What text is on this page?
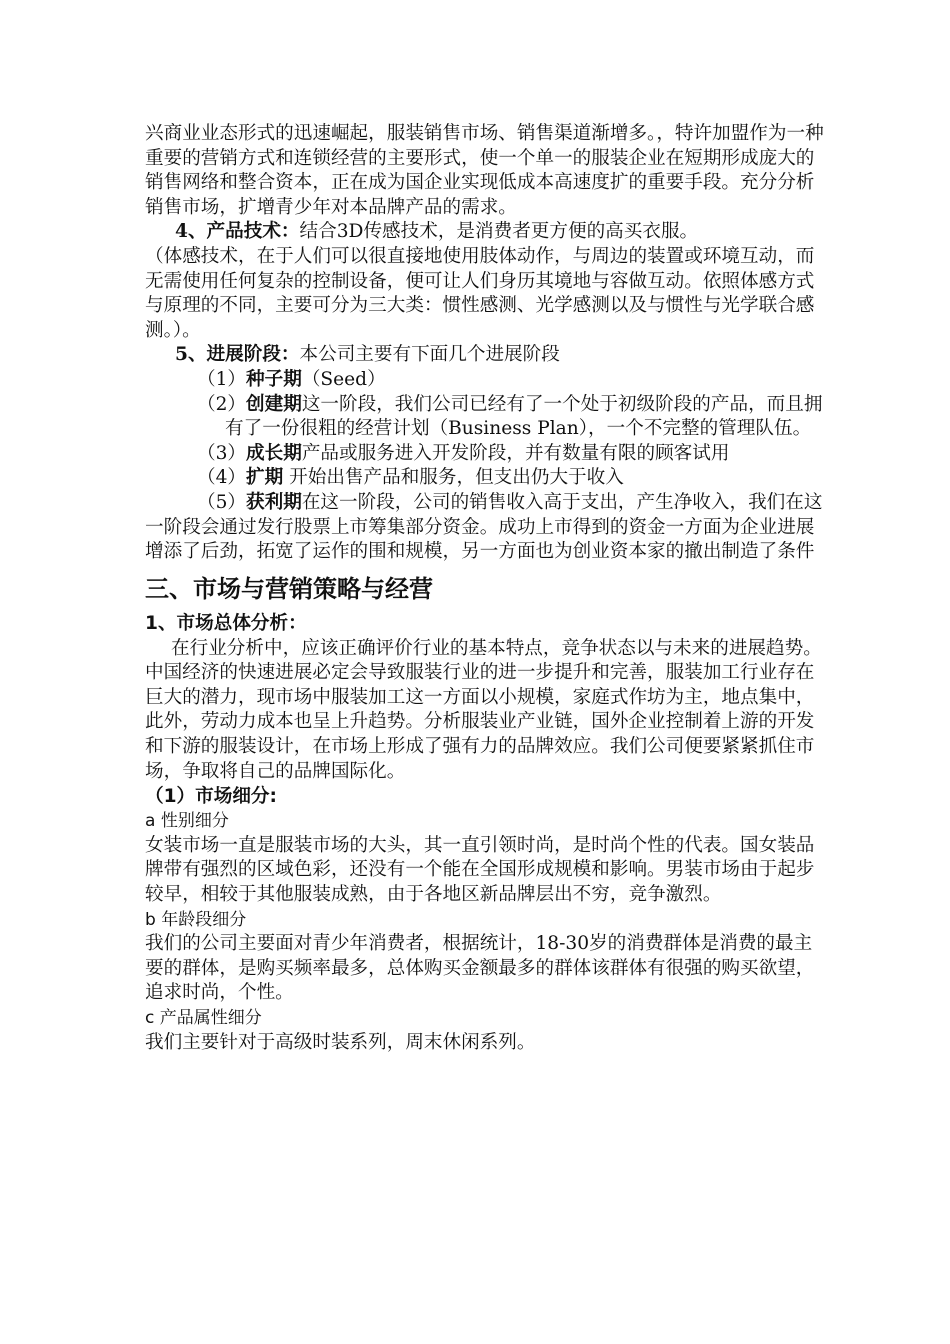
兴商业业态形式的迅速崛起，服装销售市场、销售渠道渐增多。，特许加盟作为一种重要的营销方式和连锁经营的主要形式，使一个单一的服装企业在短期形成庞大的销售网络和整合资本，正在成为国企业实现低成本高速度扩的重要手段。充分分析销售市场，扩增青少年对本品牌产品的需求。

4、产品技术：结合3D传感技术，是消费者更方便的高买衣服。

（体感技术，在于人们可以很直接地使用肢体动作，与周边的装置或环境互动，而无需使用任何复杂的控制设备，便可让人们身历其境地与容做互动。依照体感方式与原理的不同，主要可分为三大类：惯性感测、光学感测以及与惯性与光学联合感测。）。

5、进展阶段：本公司主要有下面几个进展阶段

（1）种子期（Seed）

（2）创建期这一阶段，我们公司已经有了一个处于初级阶段的产品，而且拥有了一份很粗的经营计划（Business Plan），一个不完整的管理队伍。

（3）成长期产品或服务进入开发阶段，并有数量有限的顾客试用

（4）扩期 开始出售产品和服务，但支出仍大于收入

（5）获利期在这一阶段，公司的销售收入高于支出，产生净收入，我们在这一阶段会通过发行股票上市筹集部分资金。成功上市得到的资金一方面为企业进展增添了后劲，拓宽了运作的围和规模，另一方面也为创业资本家的撤出制造了条件

三、市场与营销策略与经营
1、市场总体分析：

在行业分析中，应该正确评价行业的基本特点，竞争状态以与未来的进展趋势。中国经济的快速进展必定会导致服装行业的进一步提升和完善，服装加工行业存在巨大的潜力，现市场中服装加工这一方面以小规模，家庭式作坊为主，地点集中，此外，劳动力成本也呈上升趋势。分析服装业产业链，国外企业控制着上游的开发和下游的服装设计，在市场上形成了强有力的品牌效应。我们公司便要紧紧抓住市场，争取将自己的品牌国际化。

（1）市场细分:

a 性别细分

女装市场一直是服装市场的大头，其一直引领时尚，是时尚个性的代表。国女装品牌带有强烈的区域色彩，还没有一个能在全国形成规模和影响。男装市场由于起步较早，相较于其他服装成熟，由于各地区新品牌层出不穷，竞争激烈。

b 年龄段细分

我们的公司主要面对青少年消费者，根据统计，18-30岁的消费群体是消费的最主要的群体，是购买频率最多，总体购买金额最多的群体该群体有很强的购买欲望，追求时尚，个性。

c 产品属性细分

我们主要针对于高级时装系列，周末休闲系列。
